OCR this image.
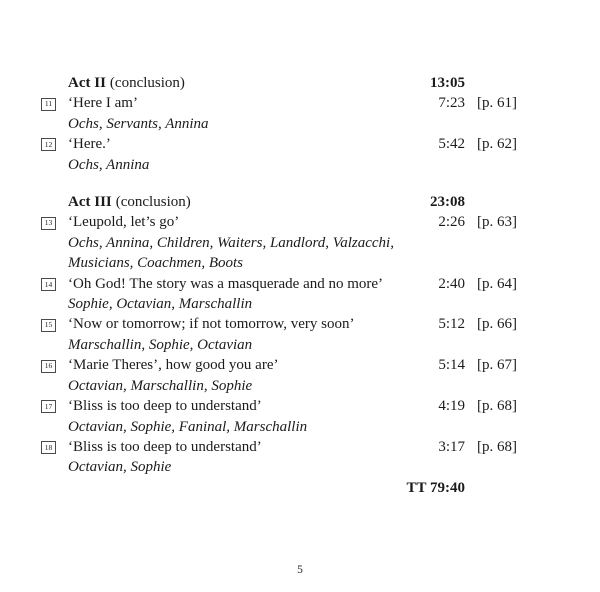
Act II (conclusion)	13:05
11	‘Here I am’	7:23 [p. 61]
Ochs, Servants, Annina
12	‘Here.’	5:42 [p. 62]
Ochs, Annina
Act III (conclusion)	23:08
13	‘Leupold, let’s go’	2:26 [p. 63]
Ochs, Annina, Children, Waiters, Landlord, Valzacchi, Musicians, Coachmen, Boots
14	‘Oh God! The story was a masquerade and no more’	2:40 [p. 64]
Sophie, Octavian, Marschallin
15	‘Now or tomorrow; if not tomorrow, very soon’	5:12 [p. 66]
Marschallin, Sophie, Octavian
16	‘Marie Theres’, how good you are’	5:14 [p. 67]
Octavian, Marschallin, Sophie
17	‘Bliss is too deep to understand’	4:19 [p. 68]
Octavian, Sophie, Faninal, Marschallin
18	‘Bliss is too deep to understand’	3:17 [p. 68]
Octavian, Sophie
TT 79:40
5
